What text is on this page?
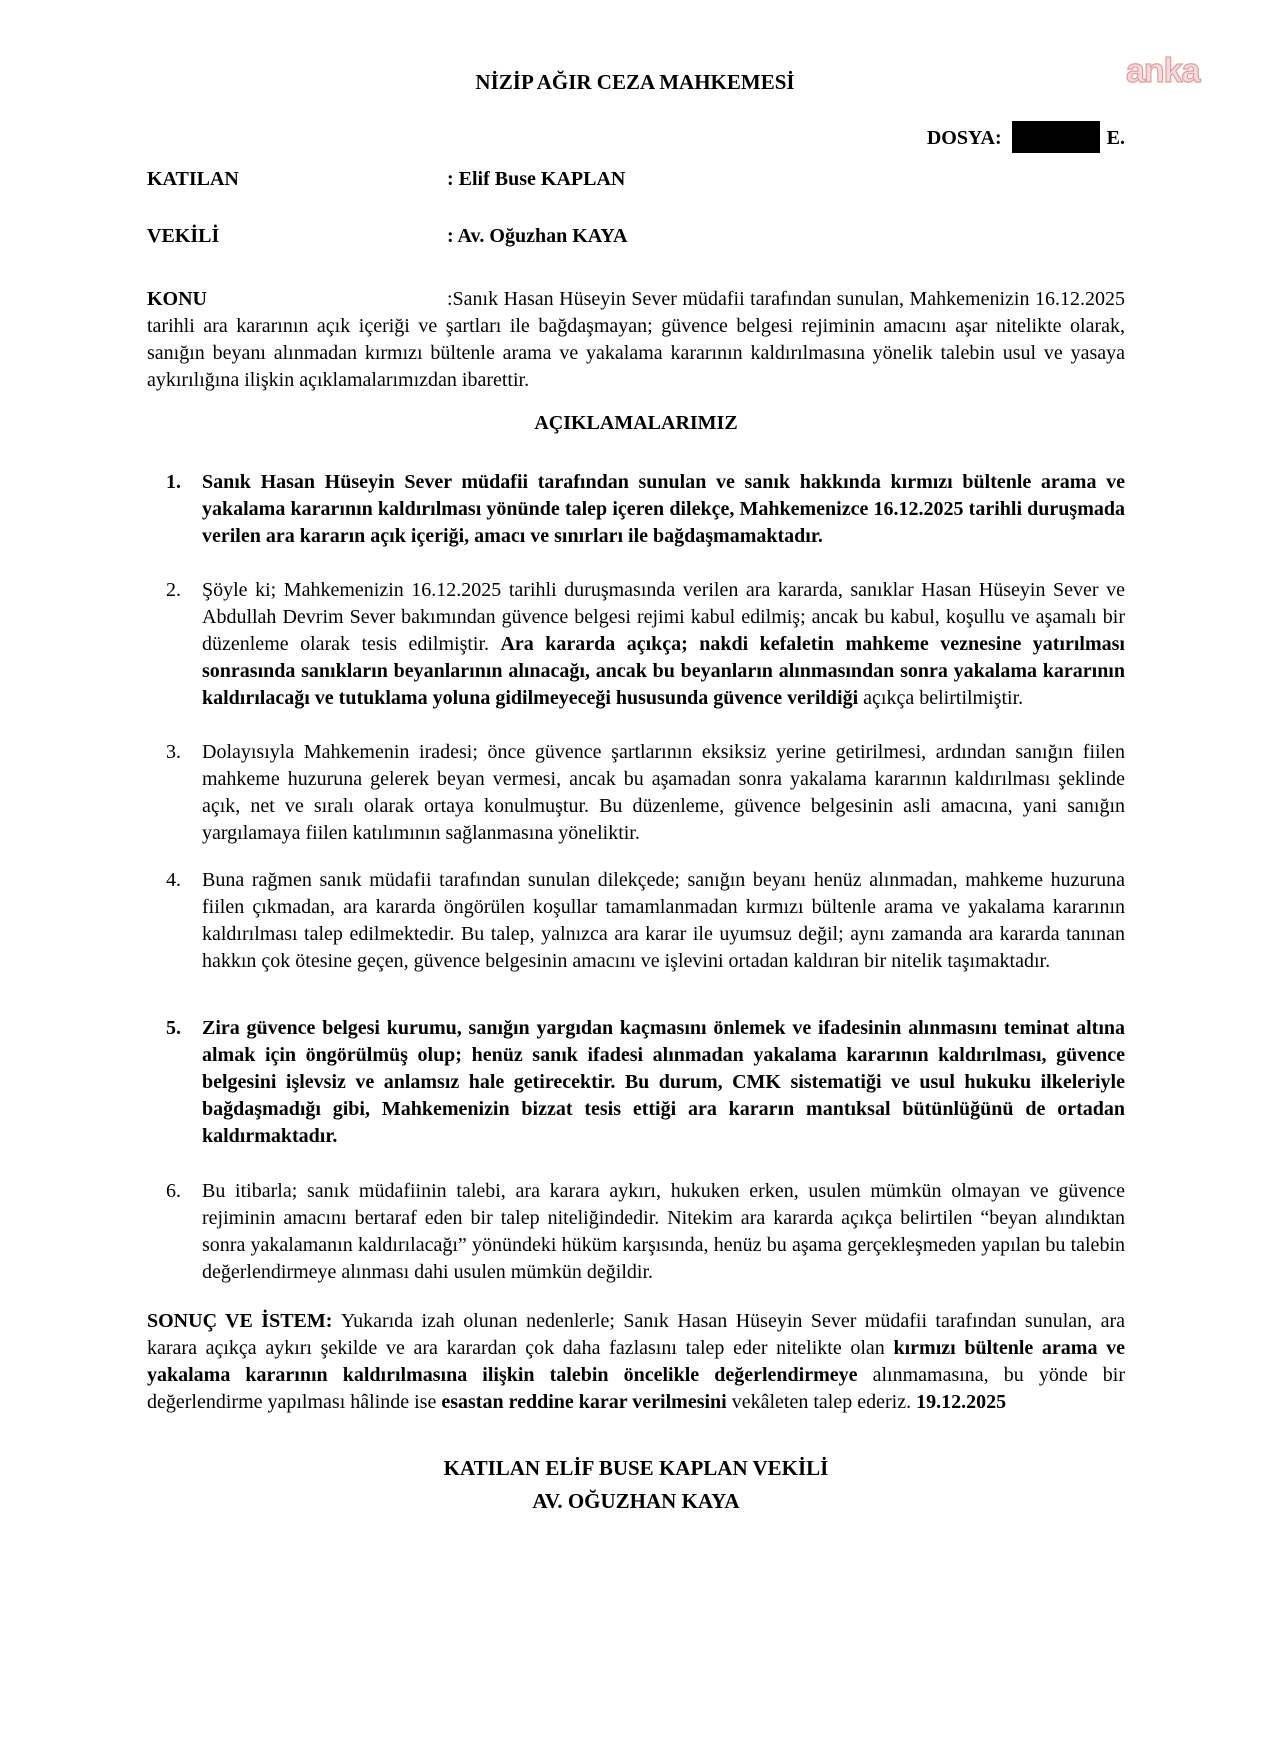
anka
NİZİP AĞIR CEZA MAHKEMESİ
DOSYA:	E.
KATILAN	: Elif Buse KAPLAN
VEKİLİ	: Av. Oğuzhan KAYA

KONU	:Sanık Hasan Hüseyin Sever müdafii tarafından sunulan, Mahkemenizin 16.12.2025 tarihli ara kararının açık içeriği ve şartları ile bağdaşmayan; güvence belgesi rejiminin amacını aşar nitelikte olarak, sanığın beyanı alınmadan kırmızı bültenle arama ve yakalama kararının kaldırılmasına yönelik talebin usul ve yasaya aykırılığına ilişkin açıklamalarımızdan ibarettir.

AÇIKLAMALARIMIZ
1. Sanık Hasan Hüseyin Sever müdafii tarafından sunulan ve sanık hakkında kırmızı bültenle arama ve yakalama kararının kaldırılması yönünde talep içeren dilekçe, Mahkemenizce 16.12.2025 tarihli duruşmada verilen ara kararın açık içeriği, amacı ve sınırları ile bağdaşmamaktadır.
2. Şöyle ki; Mahkemenizin 16.12.2025 tarihli duruşmasında verilen ara kararda, sanıklar Hasan Hüseyin Sever ve Abdullah Devrim Sever bakımından güvence belgesi rejimi kabul edilmiş; ancak bu kabul, koşullu ve aşamalı bir düzenleme olarak tesis edilmiştir. Ara kararda açıkça; nakdi kefaletin mahkeme veznesine yatırılması sonrasında sanıkların beyanlarının alınacağı, ancak bu beyanların alınmasından sonra yakalama kararının kaldırılacağı ve tutuklama yoluna gidilmeyeceği hususunda güvence verildiği açıkça belirtilmiştir.
3. Dolayısıyla Mahkemenin iradesi; önce güvence şartlarının eksiksiz yerine getirilmesi, ardından sanığın fiilen mahkeme huzuruna gelerek beyan vermesi, ancak bu aşamadan sonra yakalama kararının kaldırılması şeklinde açık, net ve sıralı olarak ortaya konulmuştur. Bu düzenleme, güvence belgesinin asli amacına, yani sanığın yargılamaya fiilen katılımının sağlanmasına yöneliktir.
4. Buna rağmen sanık müdafii tarafından sunulan dilekçede; sanığın beyanı henüz alınmadan, mahkeme huzuruna fiilen çıkmadan, ara kararda öngörülen koşullar tamamlanmadan kırmızı bültenle arama ve yakalama kararının kaldırılması talep edilmektedir. Bu talep, yalnızca ara karar ile uyumsuz değil; aynı zamanda ara kararda tanınan hakkın çok ötesine geçen, güvence belgesinin amacını ve işlevini ortadan kaldıran bir nitelik taşımaktadır.
5. Zira güvence belgesi kurumu, sanığın yargıdan kaçmasını önlemek ve ifadesinin alınmasını teminat altına almak için öngörülmüş olup; henüz sanık ifadesi alınmadan yakalama kararının kaldırılması, güvence belgesini işlevsiz ve anlamsız hale getirecektir. Bu durum, CMK sistematiği ve usul hukuku ilkeleriyle bağdaşmadığı gibi, Mahkemenizin bizzat tesis ettiği ara kararın mantıksal bütünlüğünü de ortadan kaldırmaktadır.
6. Bu itibarla; sanık müdafiinin talebi, ara karara aykırı, hukuken erken, usulen mümkün olmayan ve güvence rejiminin amacını bertaraf eden bir talep niteliğindedir. Nitekim ara kararda açıkça belirtilen “beyan alındıktan sonra yakalamanın kaldırılacağı” yönündeki hüküm karşısında, henüz bu aşama gerçekleşmeden yapılan bu talebin değerlendirmeye alınması dahi usulen mümkün değildir.

SONUÇ VE İSTEM: Yukarıda izah olunan nedenlerle; Sanık Hasan Hüseyin Sever müdafii tarafından sunulan, ara karara açıkça aykırı şekilde ve ara karardan çok daha fazlasını talep eder nitelikte olan kırmızı bültenle arama ve yakalama kararının kaldırılmasına ilişkin talebin öncelikle değerlendirmeye alınmamasına, bu yönde bir değerlendirme yapılması hâlinde ise esastan reddine karar verilmesini vekâleten talep ederiz. 19.12.2025

KATILAN ELİF BUSE KAPLAN VEKİLİ
AV. OĞUZHAN KAYA
